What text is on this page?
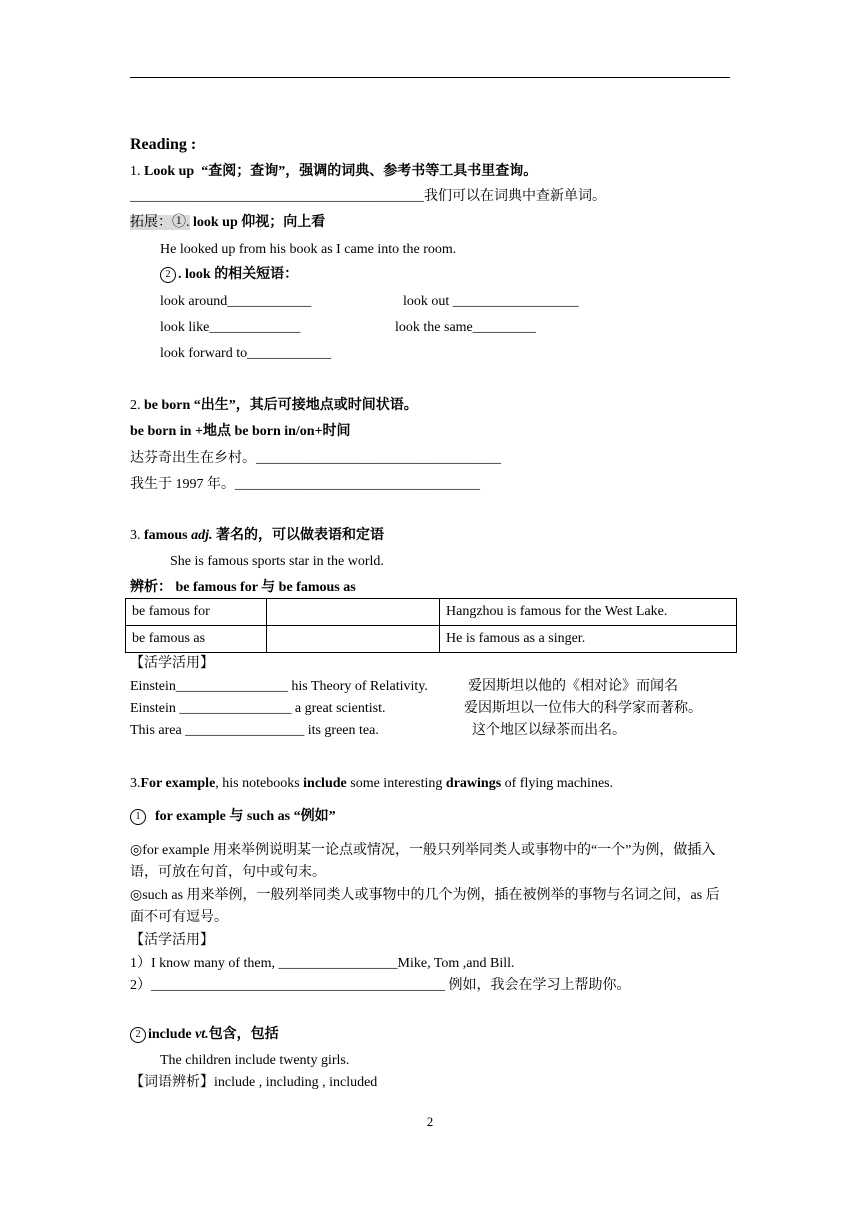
Reading :
1. Look up “查阅；查询”，强调的词典、参考书等工具书里查询。
__________________________________________我们可以在词典中查新单词。
拓展：①. look up 仰视；向上看
He looked up from his book as I came into the room.
2 . look 的相关短语：
look around____________	look out __________________
look like_____________	look the same_________
look forward to____________
2. be born “出生”，其后可接地点或时间状语。
be born in +地点 be born in/on+时间
达芬奇出生在乡村。___________________________________
我生于 1997 年。___________________________________
3. famous adj. 著名的，可以做表语和定语
She is famous sports star in the world.
辨析： be famous for 与 be famous as
be famous for		Hangzhou is famous for the West Lake.
be famous as		He is famous as a singer.
【活学活用】
Einstein________________ his Theory of Relativity.	爱因斯坦以他的《相对论》而闻名
Einstein ________________ a great scientist.	爱因斯坦以一位伟大的科学家而著称。
This area _________________ its green tea.	这个地区以绿茶而出名。
3.For example, his notebooks include some interesting drawings of flying machines.
1 for example 与 such as “例如”
◎for example 用来举例说明某一论点或情况，一般只列举同类人或事物中的“一个”为例，做插入语，可放在句首，句中或句末。
◎such as 用来举例，一般列举同类人或事物中的几个为例，插在被例举的事物与名词之间，as 后面不可有逗号。
【活学活用】
1）I know many of them, _________________Mike, Tom ,and Bill.
2）__________________________________________ 例如，我会在学习上帮助你。
2 include vt.包含，包括
The children include twenty girls.
【词语辨析】include , including , included
2
